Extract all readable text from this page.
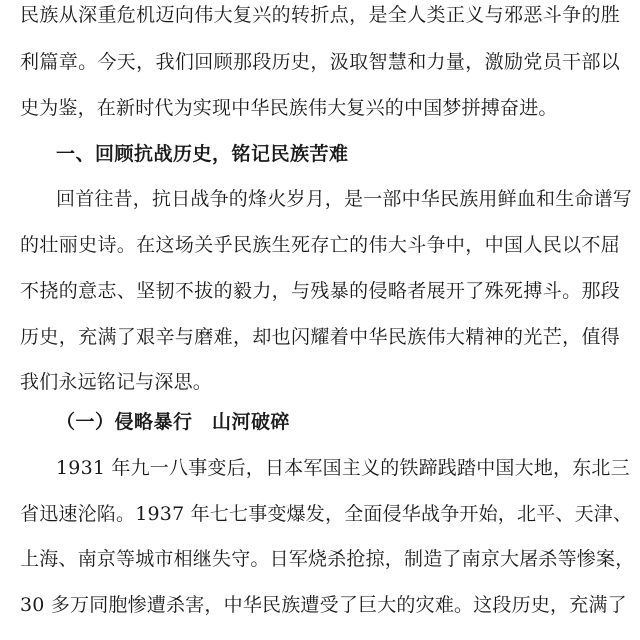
民族从深重危机迈向伟大复兴的转折点，是全人类正义与邪恶斗争的胜
利篇章。今天，我们回顾那段历史，汲取智慧和力量，激励党员干部以
史为鉴，在新时代为实现中华民族伟大复兴的中国梦拼搏奋进。
一、回顾抗战历史，铭记民族苦难
回首往昔，抗日战争的烽火岁月，是一部中华民族用鲜血和生命谱写
的壮丽史诗。在这场关乎民族生死存亡的伟大斗争中，中国人民以不屈
不挠的意志、坚韧不拔的毅力，与残暴的侵略者展开了殊死搏斗。那段
历史，充满了艰辛与磨难，却也闪耀着中华民族伟大精神的光芒，值得
我们永远铭记与深思。
（一）侵略暴行　山河破碎
1931 年九一八事变后，日本军国主义的铁蹄践踏中国大地，东北三
省迅速沦陷。1937 年七七事变爆发，全面侵华战争开始，北平、天津、
上海、南京等城市相继失守。日军烧杀抢掠，制造了南京大屠杀等惨案，
30 多万同胞惨遭杀害，中华民族遭受了巨大的灾难。这段历史，充满了
